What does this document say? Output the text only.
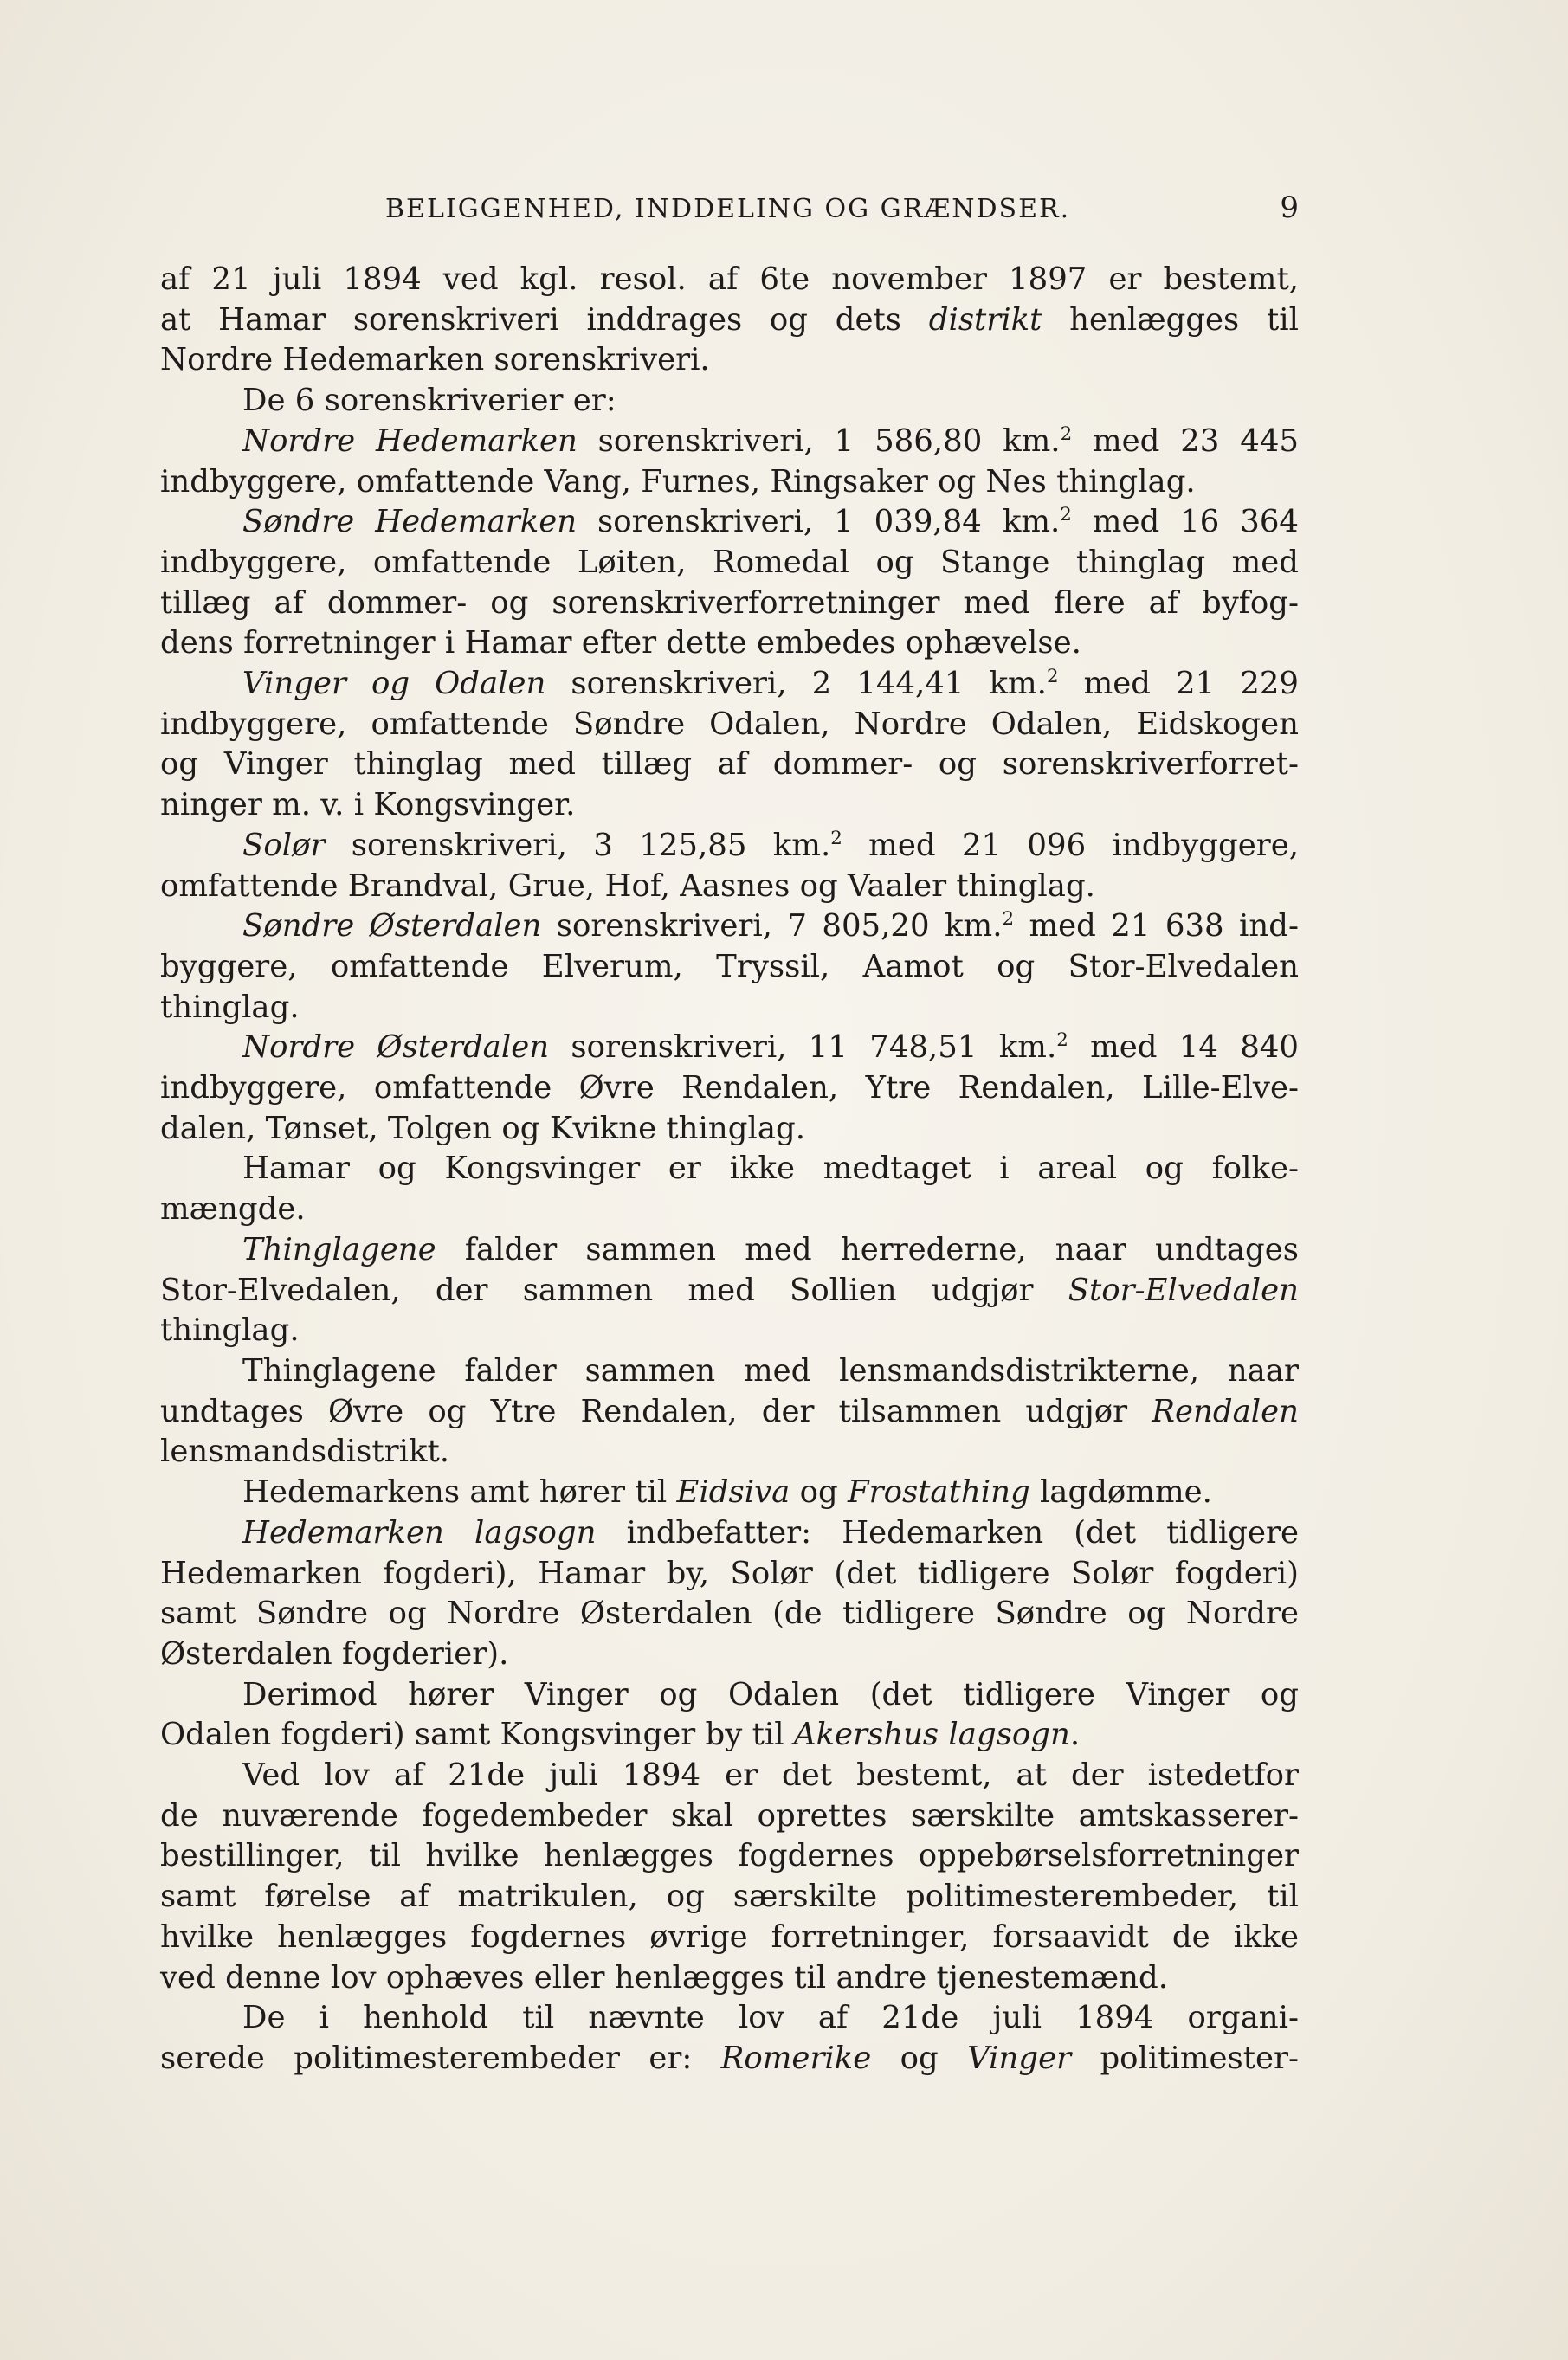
BELIGGENHED, INDDELING OG GRÆNDSER.	9
af 21 juli 1894 ved kgl. resol. af 6te november 1897 er bestemt,
at Hamar sorenskriveri inddrages og dets distrikt henlægges til
Nordre Hedemarken sorenskriveri.
De 6 sorenskriverier er:
Nordre Hedemarken sorenskriveri, 1 586,80 km.$^2$ med 23 445
indbyggere, omfattende Vang, Furnes, Ringsaker og Nes thinglag.
Søndre Hedemarken sorenskriveri, 1 039,84 km.$^2$ med 16 364
indbyggere, omfattende Løiten, Romedal og Stange thinglag med
tillæg af dommer- og sorenskriverforretninger med flere af byfog-
dens forretninger i Hamar efter dette embedes ophævelse.
Vinger og Odalen sorenskriveri, 2 144,41 km.$^2$ med 21 229
indbyggere, omfattende Søndre Odalen, Nordre Odalen, Eidskogen
og Vinger thinglag med tillæg af dommer- og sorenskriverforret-
ninger m. v. i Kongsvinger.
Solør sorenskriveri, 3 125,85 km.$^2$ med 21 096 indbyggere,
omfattende Brandval, Grue, Hof, Aasnes og Vaaler thinglag.
Søndre Østerdalen sorenskriveri, 7 805,20 km.$^2$ med 21 638 ind-
byggere, omfattende Elverum, Tryssil, Aamot og Stor-Elvedalen
thinglag.
Nordre Østerdalen sorenskriveri, 11 748,51 km.$^2$ med 14 840
indbyggere, omfattende Øvre Rendalen, Ytre Rendalen, Lille-Elve-
dalen, Tønset, Tolgen og Kvikne thinglag.
Hamar og Kongsvinger er ikke medtaget i areal og folke-
mængde.
Thinglagene falder sammen med herrederne, naar undtages
Stor-Elvedalen, der sammen med Sollien udgjør Stor-Elvedalen
thinglag.
Thinglagene falder sammen med lensmandsdistrikterne, naar
undtages Øvre og Ytre Rendalen, der tilsammen udgjør Rendalen
lensmandsdistrikt.
Hedemarkens amt hører til Eidsiva og Frostathing lagdømme.
Hedemarken lagsogn indbefatter: Hedemarken (det tidligere
Hedemarken fogderi), Hamar by, Solør (det tidligere Solør fogderi)
samt Søndre og Nordre Østerdalen (de tidligere Søndre og Nordre
Østerdalen fogderier).
Derimod hører Vinger og Odalen (det tidligere Vinger og
Odalen fogderi) samt Kongsvinger by til Akershus lagsogn.
Ved lov af 21de juli 1894 er det bestemt, at der istedetfor
de nuværende fogedembeder skal oprettes særskilte amtskasserer-
bestillinger, til hvilke henlægges fogdernes oppebørselsforretninger
samt førelse af matrikulen, og særskilte politimesterembeder, til
hvilke henlægges fogdernes øvrige forretninger, forsaavidt de ikke
ved denne lov ophæves eller henlægges til andre tjenestemænd.
De i henhold til nævnte lov af 21de juli 1894 organi-
serede politimesterembeder er: Romerike og Vinger politimester-
